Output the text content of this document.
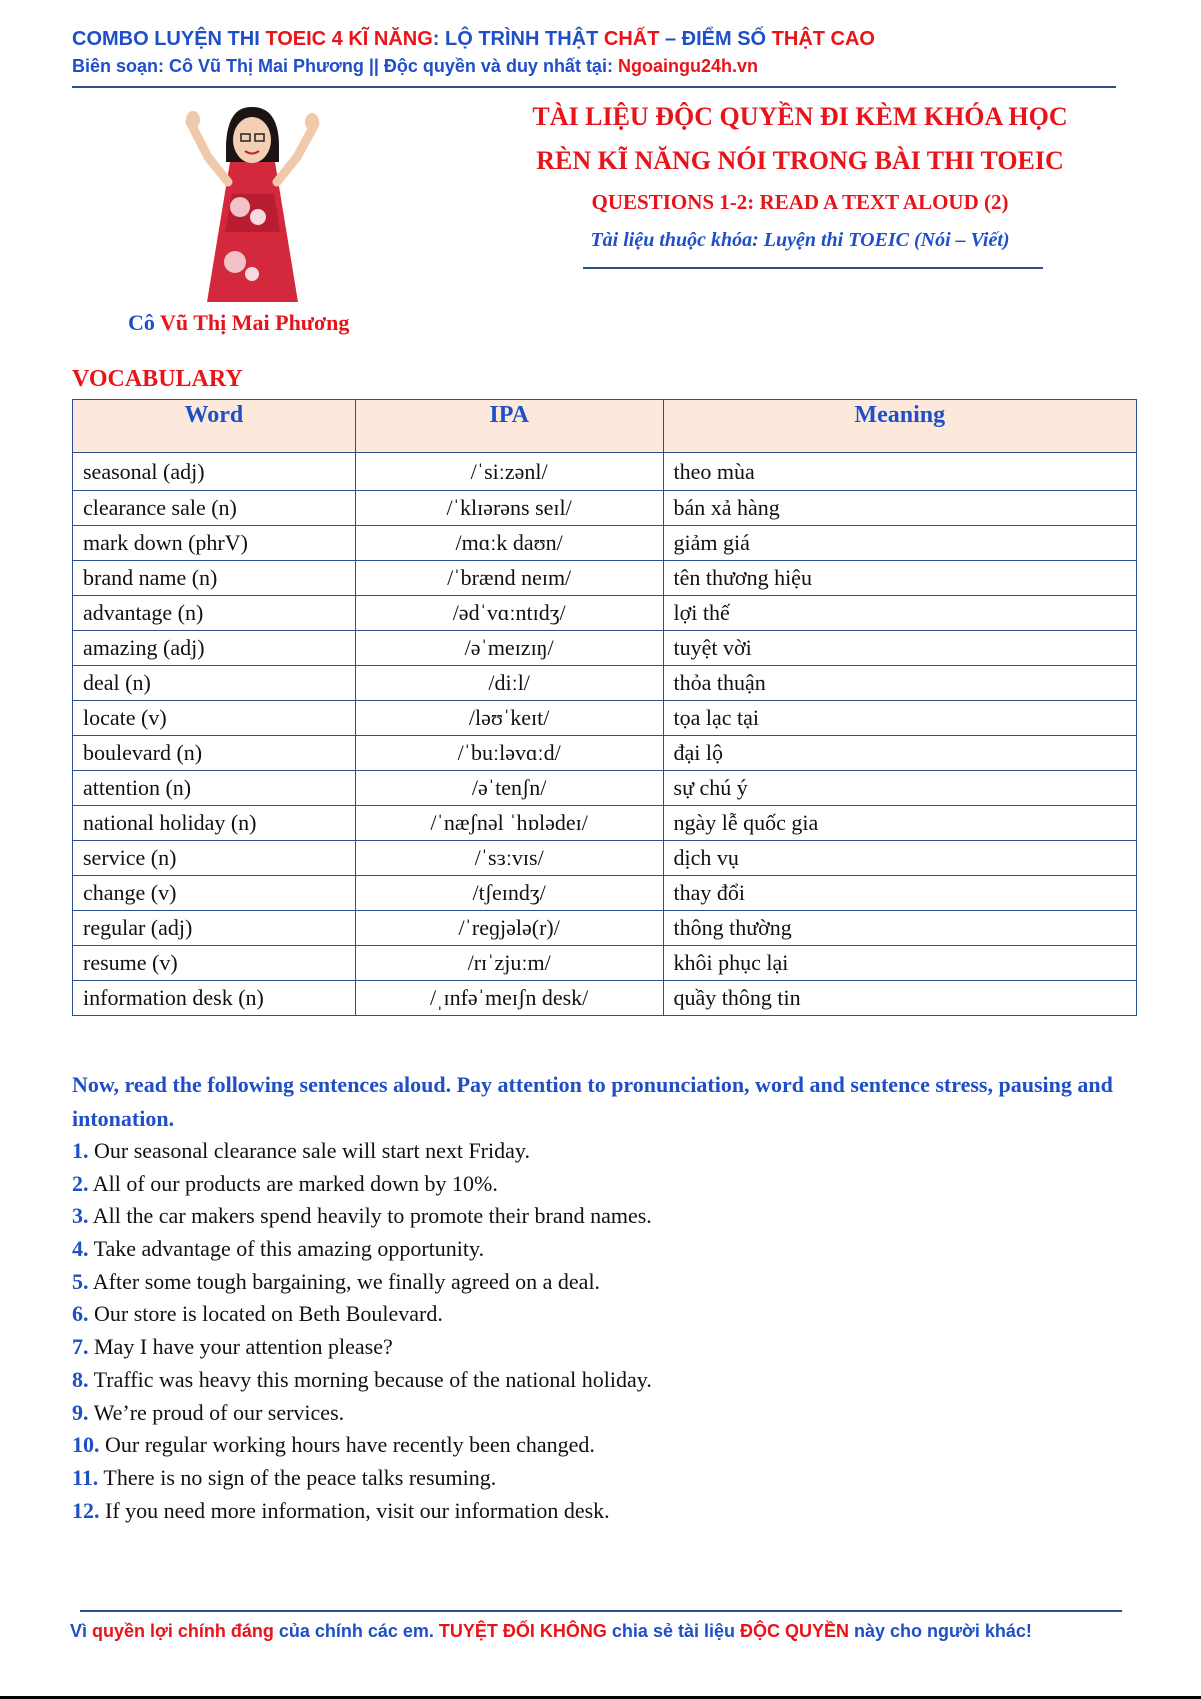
COMBO LUYỆN THI TOEIC 4 KĨ NĂNG: LỘ TRÌNH THẬT CHẤT – ĐIỂM SỐ THẬT CAO
Biên soạn: Cô Vũ Thị Mai Phương || Độc quyền và duy nhất tại: Ngoaingu24h.vn
Cô Vũ Thị Mai Phương
TÀI LIỆU ĐỘC QUYỀN ĐI KÈM KHÓA HỌC
RÈN KĨ NĂNG NÓI TRONG BÀI THI TOEIC
QUESTIONS 1-2: READ A TEXT ALOUD (2)
Tài liệu thuộc khóa: Luyện thi TOEIC (Nói – Viết)
VOCABULARY
Word	IPA	Meaning
seasonal (adj)	/ˈsiːzənl/	theo mùa
clearance sale (n)	/ˈklɪərəns seɪl/	bán xả hàng
mark down (phrV)	/mɑːk daʊn/	giảm giá
brand name (n)	/ˈbrænd neɪm/	tên thương hiệu
advantage (n)	/ədˈvɑːntɪdʒ/	lợi thế
amazing (adj)	/əˈmeɪzɪŋ/	tuyệt vời
deal (n)	/diːl/	thỏa thuận
locate (v)	/ləʊˈkeɪt/	tọa lạc tại
boulevard (n)	/ˈbuːləvɑːd/	đại lộ
attention (n)	/əˈtenʃn/	sự chú ý
national holiday (n)	/ˈnæʃnəl ˈhɒlədeɪ/	ngày lễ quốc gia
service (n)	/ˈsɜːvɪs/	dịch vụ
change (v)	/tʃeɪndʒ/	thay đổi
regular (adj)	/ˈreɡjələ(r)/	thông thường
resume (v)	/rɪˈzjuːm/	khôi phục lại
information desk (n)	/ˌɪnfəˈmeɪʃn desk/	quầy thông tin
Now, read the following sentences aloud. Pay attention to pronunciation, word and sentence stress, pausing and intonation.
1. Our seasonal clearance sale will start next Friday.
2. All of our products are marked down by 10%.
3. All the car makers spend heavily to promote their brand names.
4. Take advantage of this amazing opportunity.
5. After some tough bargaining, we finally agreed on a deal.
6. Our store is located on Beth Boulevard.
7. May I have your attention please?
8. Traffic was heavy this morning because of the national holiday.
9. We’re proud of our services.
10. Our regular working hours have recently been changed.
11. There is no sign of the peace talks resuming.
12. If you need more information, visit our information desk.
Vì quyền lợi chính đáng của chính các em. TUYỆT ĐỐI KHÔNG chia sẻ tài liệu ĐỘC QUYỀN này cho người khác!
